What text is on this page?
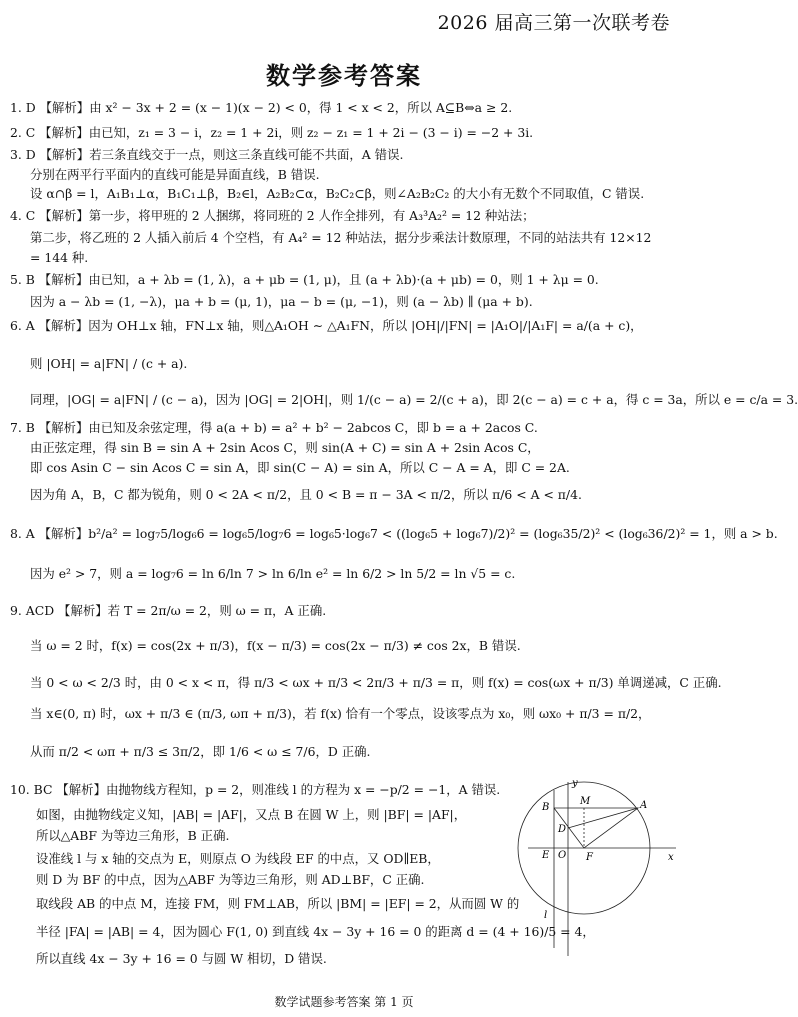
2026 届高三第一次联考卷
数学参考答案
1. D 【解析】由 x² − 3x + 2 = (x − 1)(x − 2) < 0，得 1 < x < 2，所以 A⊆B⇔a ≥ 2.
2. C 【解析】由已知，z₁ = 3 − i，z₂ = 1 + 2i，则 z₂ − z₁ = 1 + 2i − (3 − i) = −2 + 3i.
3. D 【解析】若三条直线交于一点，则这三条直线可能不共面，A 错误.
分别在两平行平面内的直线可能是异面直线，B 错误.
设 α∩β = l，A₁B₁⊥α，B₁C₁⊥β，B₂∈l，A₂B₂⊂α，B₂C₂⊂β，则∠A₂B₂C₂ 的大小有无数个不同取值，C 错误.
4. C 【解析】第一步，将甲班的 2 人捆绑，将同班的 2 人作全排列，有 A₃³A₂² = 12 种站法；
第二步，将乙班的 2 人插入前后 4 个空档，有 A₄² = 12 种站法，据分步乘法计数原理，不同的站法共有 12×12
= 144 种.
5. B 【解析】由已知，a + λb = (1, λ)，a + μb = (1, μ)，且 (a + λb)·(a + μb) = 0，则 1 + λμ = 0.
因为 a − λb = (1, −λ)，μa + b = (μ, 1)，μa − b = (μ, −1)，则 (a − λb) ∥ (μa + b).
6. A 【解析】因为 OH⊥x 轴，FN⊥x 轴，则△A₁OH ∼ △A₁FN，所以 |OH|/|FN| = |A₁O|/|A₁F| = a/(a + c)，
则 |OH| = a|FN| / (c + a).
同理，|OG| = a|FN| / (c − a)，因为 |OG| = 2|OH|，则 1/(c − a) = 2/(c + a)，即 2(c − a) = c + a，得 c = 3a，所以 e = c/a = 3.
7. B 【解析】由已知及余弦定理，得 a(a + b) = a² + b² − 2abcos C，即 b = a + 2acos C.
由正弦定理，得 sin B = sin A + 2sin Acos C，则 sin(A + C) = sin A + 2sin Acos C，
即 cos Asin C − sin Acos C = sin A，即 sin(C − A) = sin A，所以 C − A = A，即 C = 2A.
因为角 A，B，C 都为锐角，则 0 < 2A < π/2，且 0 < B = π − 3A < π/2，所以 π/6 < A < π/4.
8. A 【解析】b²/a² = log₇5/log₆6 = log₆5/log₇6 = log₆5·log₆7 < ((log₆5 + log₆7)/2)² = (log₆35/2)² < (log₆36/2)² = 1，则 a > b.
因为 e² > 7，则 a = log₇6 = ln 6/ln 7 > ln 6/ln e² = ln 6/2 > ln 5/2 = ln √5 = c.
9. ACD 【解析】若 T = 2π/ω = 2，则 ω = π，A 正确.
当 ω = 2 时，f(x) = cos(2x + π/3)，f(x − π/3) = cos(2x − π/3) ≠ cos 2x，B 错误.
当 0 < ω < 2/3 时，由 0 < x < π，得 π/3 < ωx + π/3 < 2π/3 + π/3 = π，则 f(x) = cos(ωx + π/3) 单调递减，C 正确.
当 x∈(0, π) 时，ωx + π/3 ∈ (π/3, ωπ + π/3)，若 f(x) 恰有一个零点，设该零点为 x₀，则 ωx₀ + π/3 = π/2，
从而 π/2 < ωπ + π/3 ≤ 3π/2，即 1/6 < ω ≤ 7/6，D 正确.
10. BC 【解析】由抛物线方程知，p = 2，则准线 l 的方程为 x = −p/2 = −1，A 错误.
如图，由抛物线定义知，|AB| = |AF|，又点 B 在圆 W 上，则 |BF| = |AF|，
所以△ABF 为等边三角形，B 正确.
设准线 l 与 x 轴的交点为 E，则原点 O 为线段 EF 的中点，又 OD∥EB，
则 D 为 BF 的中点，因为△ABF 为等边三角形，则 AD⊥BF，C 正确.
取线段 AB 的中点 M，连接 FM，则 FM⊥AB，所以 |BM| = |EF| = 2，从而圆 W 的
半径 |FA| = |AB| = 4，因为圆心 F(1, 0) 到直线 4x − 3y + 16 = 0 的距离 d = (4 + 16)/5 = 4，
所以直线 4x − 3y + 16 = 0 与圆 W 相切，D 错误.
y
x
A
B
M
D
E O F
l
数学试题参考答案 第 1 页
